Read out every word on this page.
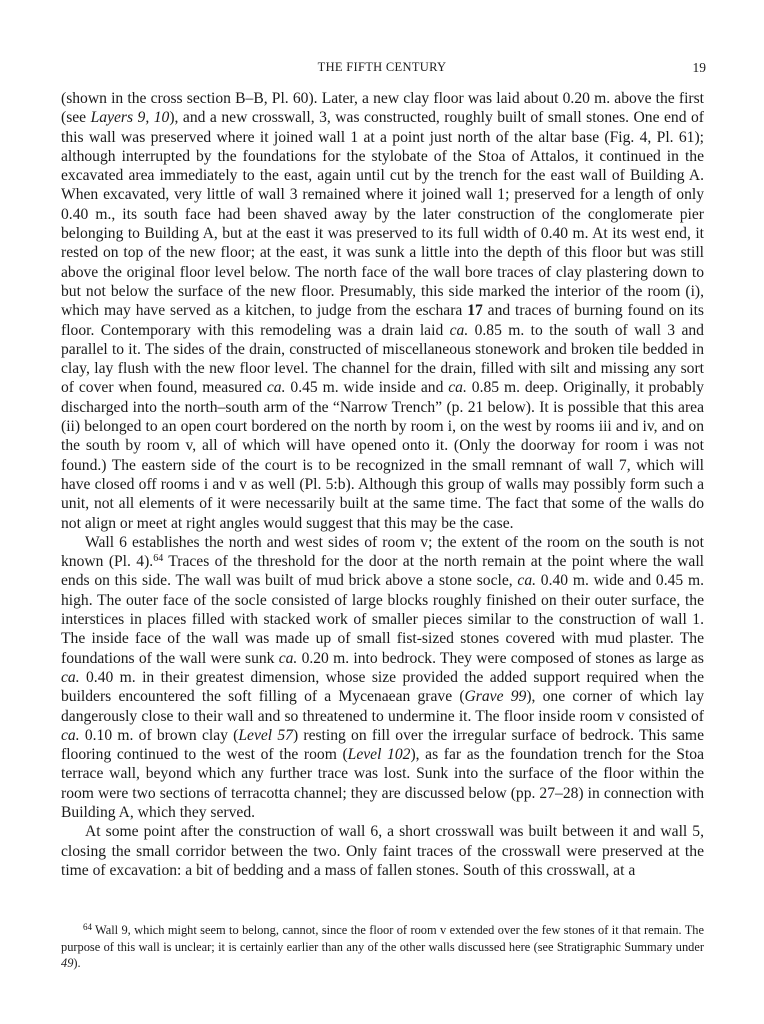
THE FIFTH CENTURY	19

(shown in the cross section B–B, Pl. 60). Later, a new clay floor was laid about 0.20 m. above the first (see Layers 9, 10), and a new crosswall, 3, was constructed, roughly built of small stones. One end of this wall was preserved where it joined wall 1 at a point just north of the altar base (Fig. 4, Pl. 61); although interrupted by the foundations for the stylobate of the Stoa of Attalos, it continued in the excavated area immediately to the east, again until cut by the trench for the east wall of Building A. When excavated, very little of wall 3 remained where it joined wall 1; preserved for a length of only 0.40 m., its south face had been shaved away by the later construction of the conglomerate pier belonging to Building A, but at the east it was preserved to its full width of 0.40 m. At its west end, it rested on top of the new floor; at the east, it was sunk a little into the depth of this floor but was still above the original floor level below. The north face of the wall bore traces of clay plastering down to but not below the surface of the new floor. Presumably, this side marked the interior of the room (i), which may have served as a kitchen, to judge from the eschara 17 and traces of burning found on its floor. Contemporary with this remodeling was a drain laid ca. 0.85 m. to the south of wall 3 and parallel to it. The sides of the drain, constructed of miscellaneous stonework and broken tile bedded in clay, lay flush with the new floor level. The channel for the drain, filled with silt and missing any sort of cover when found, measured ca. 0.45 m. wide inside and ca. 0.85 m. deep. Originally, it probably discharged into the north–south arm of the “Narrow Trench” (p. 21 below). It is possible that this area (ii) belonged to an open court bordered on the north by room i, on the west by rooms iii and iv, and on the south by room v, all of which will have opened onto it. (Only the doorway for room i was not found.) The eastern side of the court is to be recognized in the small remnant of wall 7, which will have closed off rooms i and v as well (Pl. 5:b). Although this group of walls may possibly form such a unit, not all elements of it were necessarily built at the same time. The fact that some of the walls do not align or meet at right angles would suggest that this may be the case.

Wall 6 establishes the north and west sides of room v; the extent of the room on the south is not known (Pl. 4).$^{64}$ Traces of the threshold for the door at the north remain at the point where the wall ends on this side. The wall was built of mud brick above a stone socle, ca. 0.40 m. wide and 0.45 m. high. The outer face of the socle consisted of large blocks roughly finished on their outer surface, the interstices in places filled with stacked work of smaller pieces similar to the construction of wall 1. The inside face of the wall was made up of small fist-sized stones covered with mud plaster. The foundations of the wall were sunk ca. 0.20 m. into bedrock. They were composed of stones as large as ca. 0.40 m. in their greatest dimension, whose size provided the added support required when the builders encountered the soft filling of a Mycenaean grave (Grave 99), one corner of which lay dangerously close to their wall and so threatened to undermine it. The floor inside room v consisted of ca. 0.10 m. of brown clay (Level 57) resting on fill over the irregular surface of bedrock. This same flooring continued to the west of the room (Level 102), as far as the foundation trench for the Stoa terrace wall, beyond which any further trace was lost. Sunk into the surface of the floor within the room were two sections of terracotta channel; they are discussed below (pp. 27–28) in connection with Building A, which they served.

At some point after the construction of wall 6, a short crosswall was built between it and wall 5, closing the small corridor between the two. Only faint traces of the crosswall were preserved at the time of excavation: a bit of bedding and a mass of fallen stones. South of this crosswall, at a

$^{64}$ Wall 9, which might seem to belong, cannot, since the floor of room v extended over the few stones of it that remain. The purpose of this wall is unclear; it is certainly earlier than any of the other walls discussed here (see Stratigraphic Summary under 49).
